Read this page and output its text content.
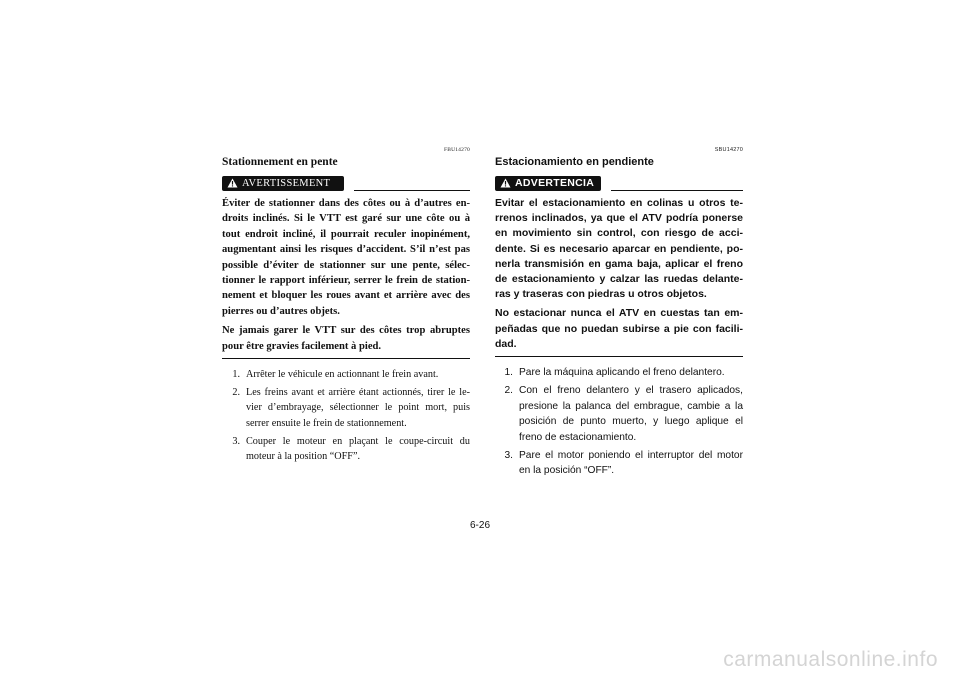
FBU14270
Stationnement en pente
AVERTISSEMENT

Éviter de stationner dans des côtes ou à d’autres en-droits inclinés. Si le VTT est garé sur une côte ou à tout endroit incliné, il pourrait reculer inopinément, augmentant ainsi les risques d’accident. S’il n’est pas possible d’éviter de stationner sur une pente, sélec-tionner le rapport inférieur, serrer le frein de station-nement et bloquer les roues avant et arrière avec des pierres ou d’autres objets.

Ne jamais garer le VTT sur des côtes trop abruptes pour être gravies facilement à pied.

1. Arrêter le véhicule en actionnant le frein avant.
2. Les freins avant et arrière étant actionnés, tirer le le-vier d’embrayage, sélectionner le point mort, puis serrer ensuite le frein de stationnement.
3. Couper le moteur en plaçant le coupe-circuit du moteur à la position “OFF”.
SBU14270
Estacionamiento en pendiente
ADVERTENCIA

Evitar el estacionamiento en colinas u otros te-rrenos inclinados, ya que el ATV podría ponerse en movimiento sin control, con riesgo de acci-dente. Si es necesario aparcar en pendiente, po-nerla transmisión en gama baja, aplicar el freno de estacionamiento y calzar las ruedas delante-ras y traseras con piedras u otros objetos.

No estacionar nunca el ATV en cuestas tan em-peñadas que no puedan subirse a pie con facili-dad.

1. Pare la máquina aplicando el freno delantero.
2. Con el freno delantero y el trasero aplicados, presione la palanca del embrague, cambie a la posición de punto muerto, y luego aplique el freno de estacionamiento.
3. Pare el motor poniendo el interruptor del motor en la posición “OFF”.
6-26
carmanualsonline.info
